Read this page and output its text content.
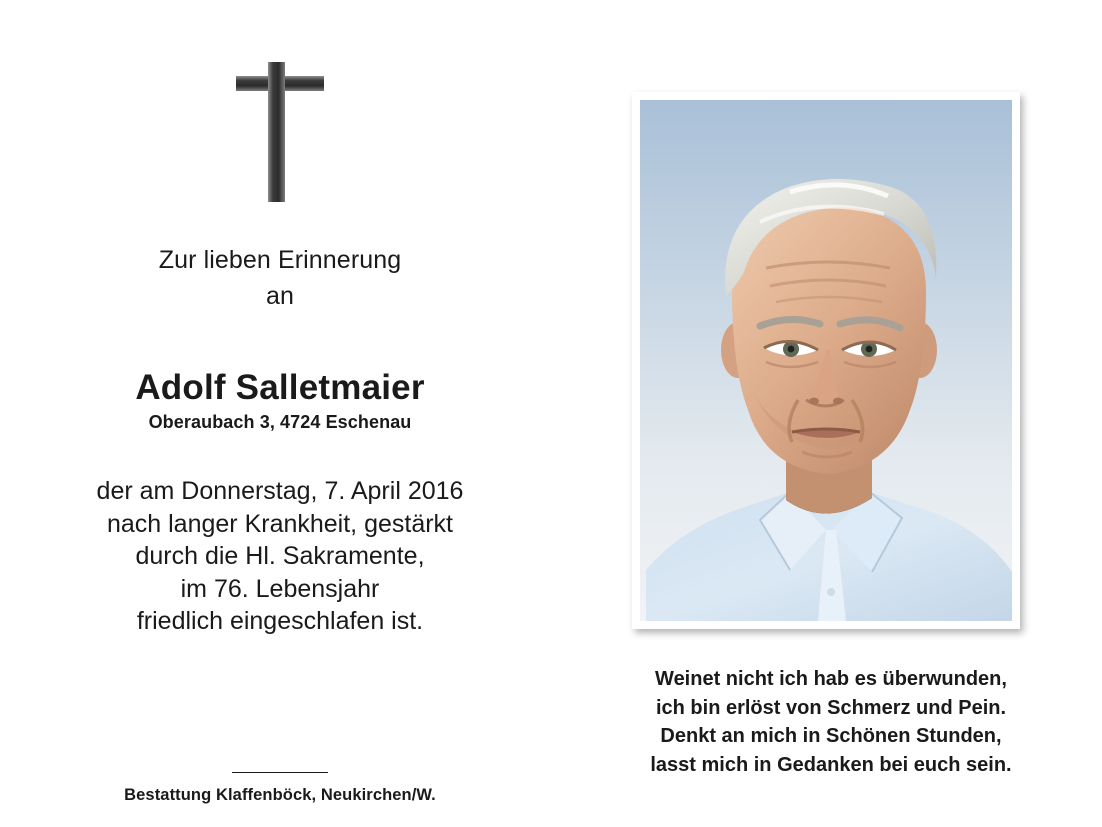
Zur lieben Erinnerung
an
Adolf Salletmaier
Oberaubach 3, 4724 Eschenau
der am Donnerstag, 7. April 2016
nach langer Krankheit, gestärkt
durch die Hl. Sakramente,
im 76. Lebensjahr
friedlich eingeschlafen ist.
Bestattung Klaffenböck, Neukirchen/W.
Weinet nicht ich hab es überwunden,
ich bin erlöst von Schmerz und Pein.
Denkt an mich in Schönen Stunden,
lasst mich in Gedanken bei euch sein.
